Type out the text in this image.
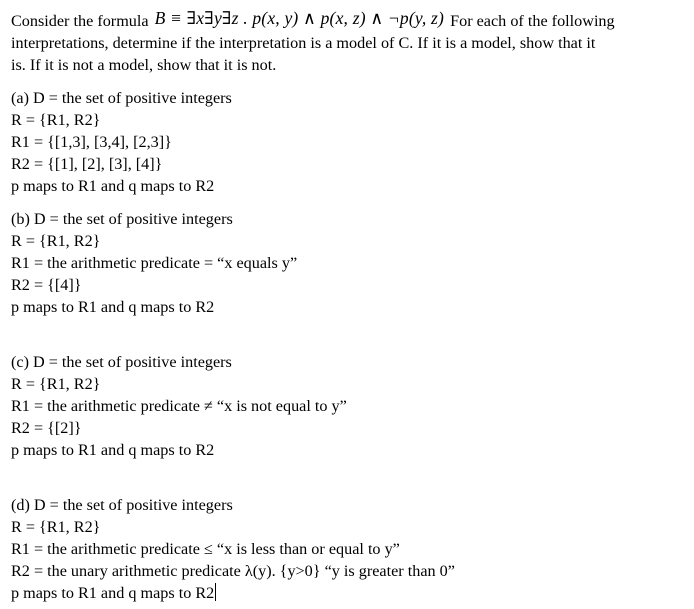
Consider the formula B ≡ ∃x∃y∃z . p(x, y) ∧ p(x, z) ∧ ¬p(y, z) For each of the following
interpretations, determine if the interpretation is a model of C. If it is a model, show that it
is. If it is not a model, show that it is not.
(a) D = the set of positive integers
R = {R1, R2}
R1 = {[1,3], [3,4], [2,3]}
R2 = {[1], [2], [3], [4]}
p maps to R1 and q maps to R2
(b) D = the set of positive integers
R = {R1, R2}
R1 = the arithmetic predicate = “x equals y”
R2 = {[4]}
p maps to R1 and q maps to R2
(c) D = the set of positive integers
R = {R1, R2}
R1 = the arithmetic predicate ≠ “x is not equal to y”
R2 = {[2]}
p maps to R1 and q maps to R2
(d) D = the set of positive integers
R = {R1, R2}
R1 = the arithmetic predicate ≤ “x is less than or equal to y”
R2 = the unary arithmetic predicate λ(y). {y>0} “y is greater than 0”
p maps to R1 and q maps to R2
